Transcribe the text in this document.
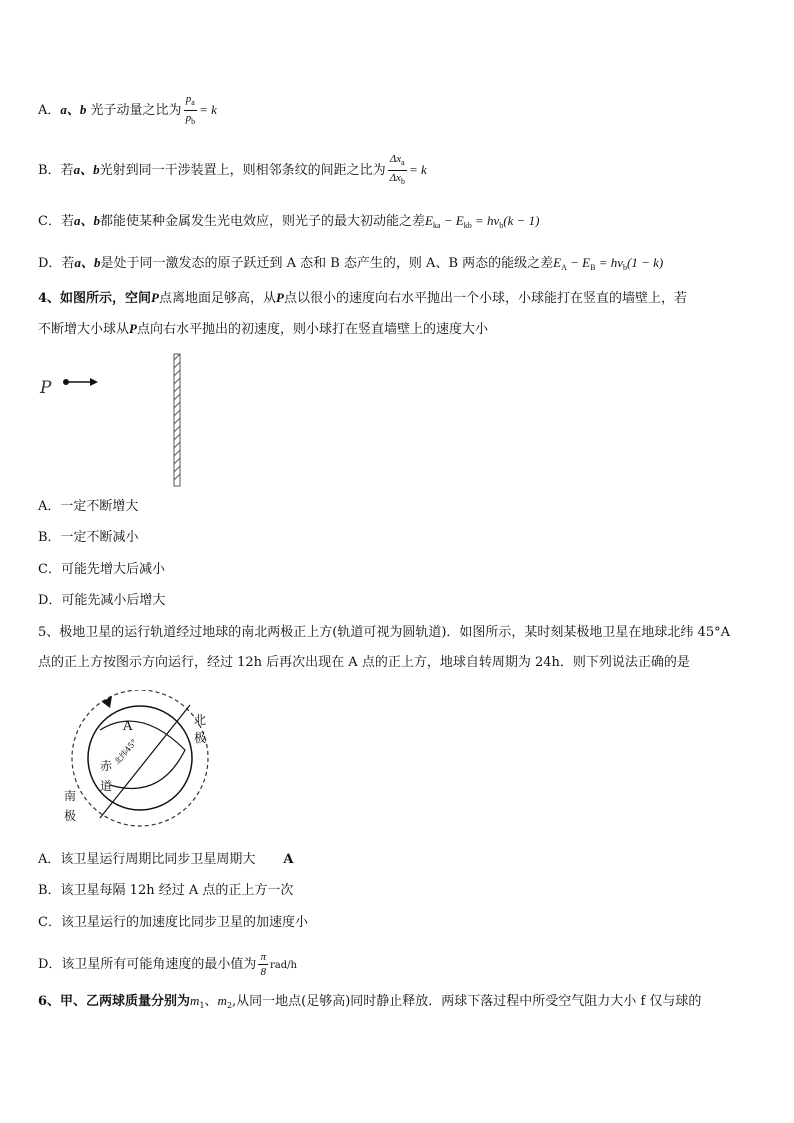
A．a、b 光子动量之比为 $\frac{p_a}{p_b} = k$
B．若a、b光射到同一干涉装置上，则相邻条纹的间距之比为 $\frac{\Delta x_a}{\Delta x_b} = k$
C．若a、b都能使某种金属发生光电效应，则光子的最大初动能之差$E_{ka} - E_{kb} = h\nu_b(k - 1)$
D．若a、b是处于同一激发态的原子跃迁到 A 态和 B 态产生的，则 A、B 两态的能级之差$E_A - E_B = h\nu_b(1 - k)$
4、如图所示，空间P点离地面足够高，从P点以很小的速度向右水平抛出一个小球，小球能打在竖直的墙壁上，若
不断增大小球从P点向右水平抛出的初速度，则小球打在竖直墙壁上的速度大小
P
A．一定不断增大
B．一定不断减小
C．可能先增大后减小
D．可能先减小后增大
5、极地卫星的运行轨道经过地球的南北两极正上方(轨道可视为圆轨道)．如图所示，某时刻某极地卫星在地球北纬 45°A
点的正上方按图示方向运行，经过 12h 后再次出现在 A 点的正上方，地球自转周期为 24h．则下列说法正确的是
A	北
极
赤
道
北纬45°
南
极
A．该卫星运行周期比同步卫星周期大 A
B．该卫星每隔 12h 经过 A 点的正上方一次
C．该卫星运行的加速度比同步卫星的加速度小
D．该卫星所有可能角速度的最小值为 $\frac{\pi}{8} rad/h$
6、甲、乙两球质量分别为$m_1$、$m_2$,从同一地点(足够高)同时静止释放．两球下落过程中所受空气阻力大小 f 仅与球的
